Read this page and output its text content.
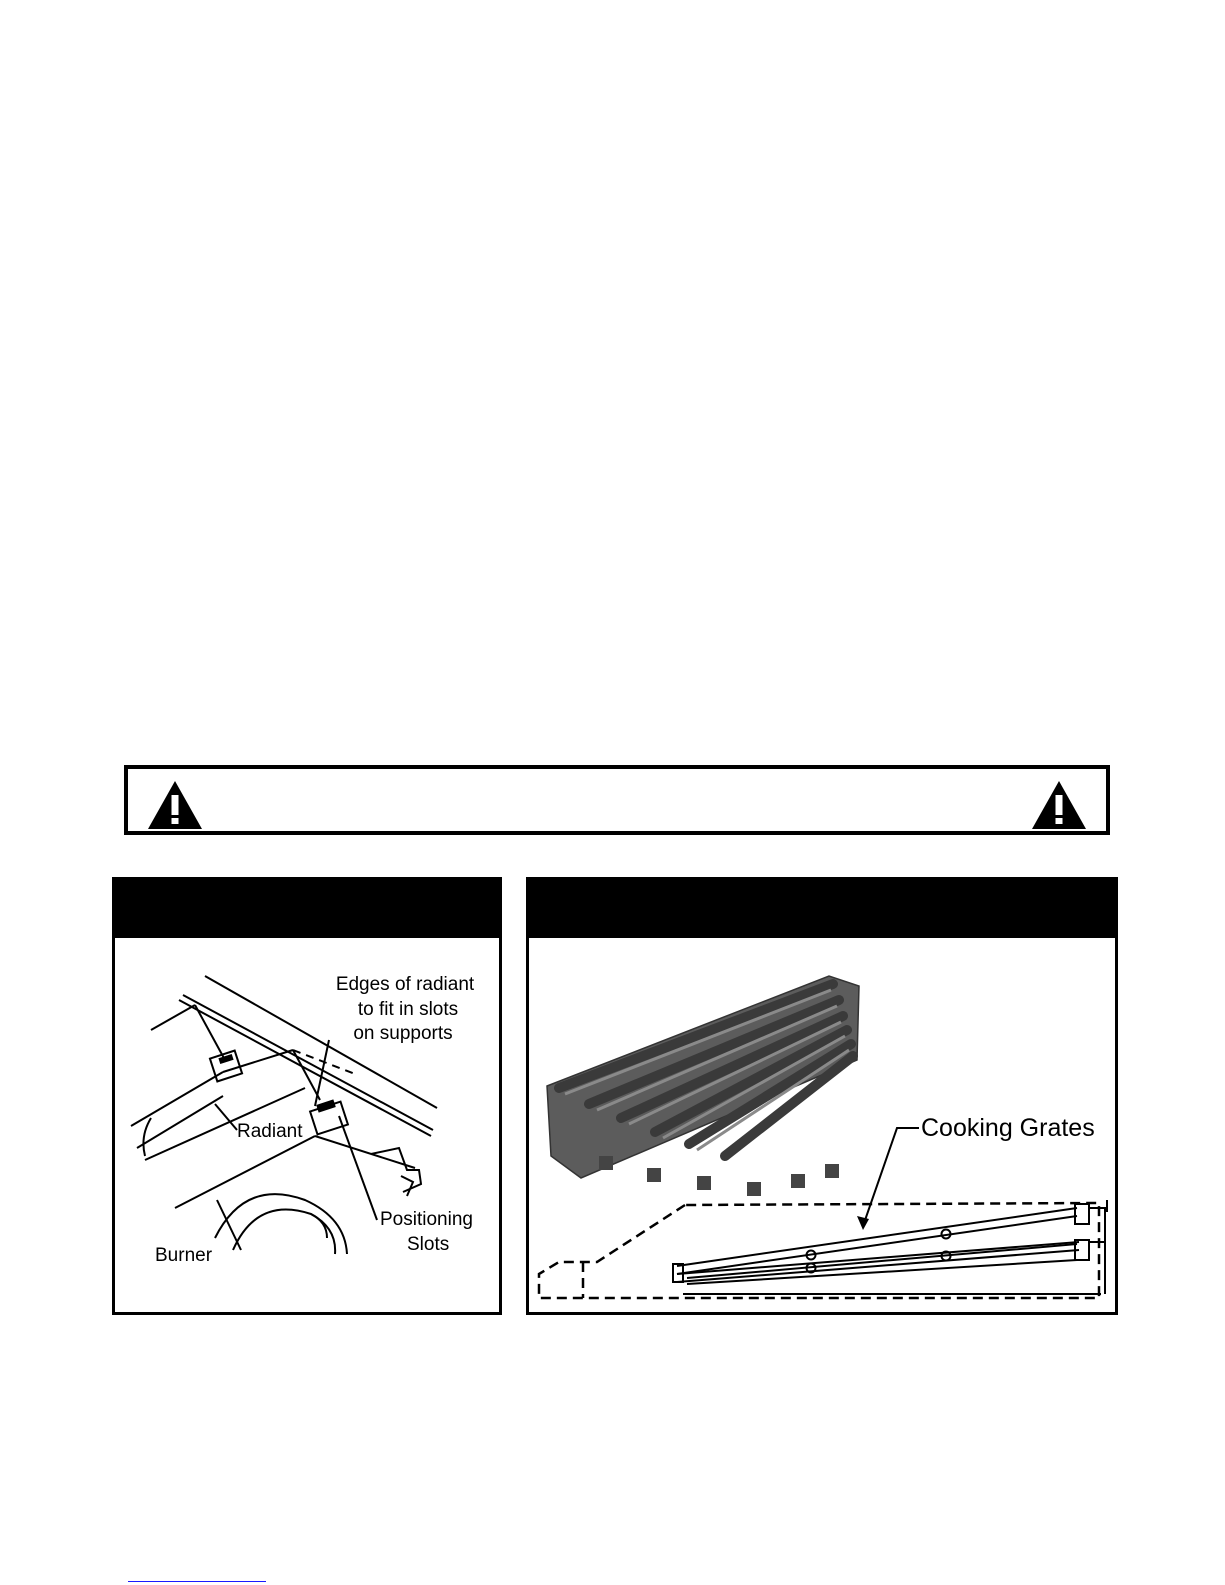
Edges of radiant
to fit in slots
on supports
Radiant
Positioning
Slots
Burner
Cooking Grates
